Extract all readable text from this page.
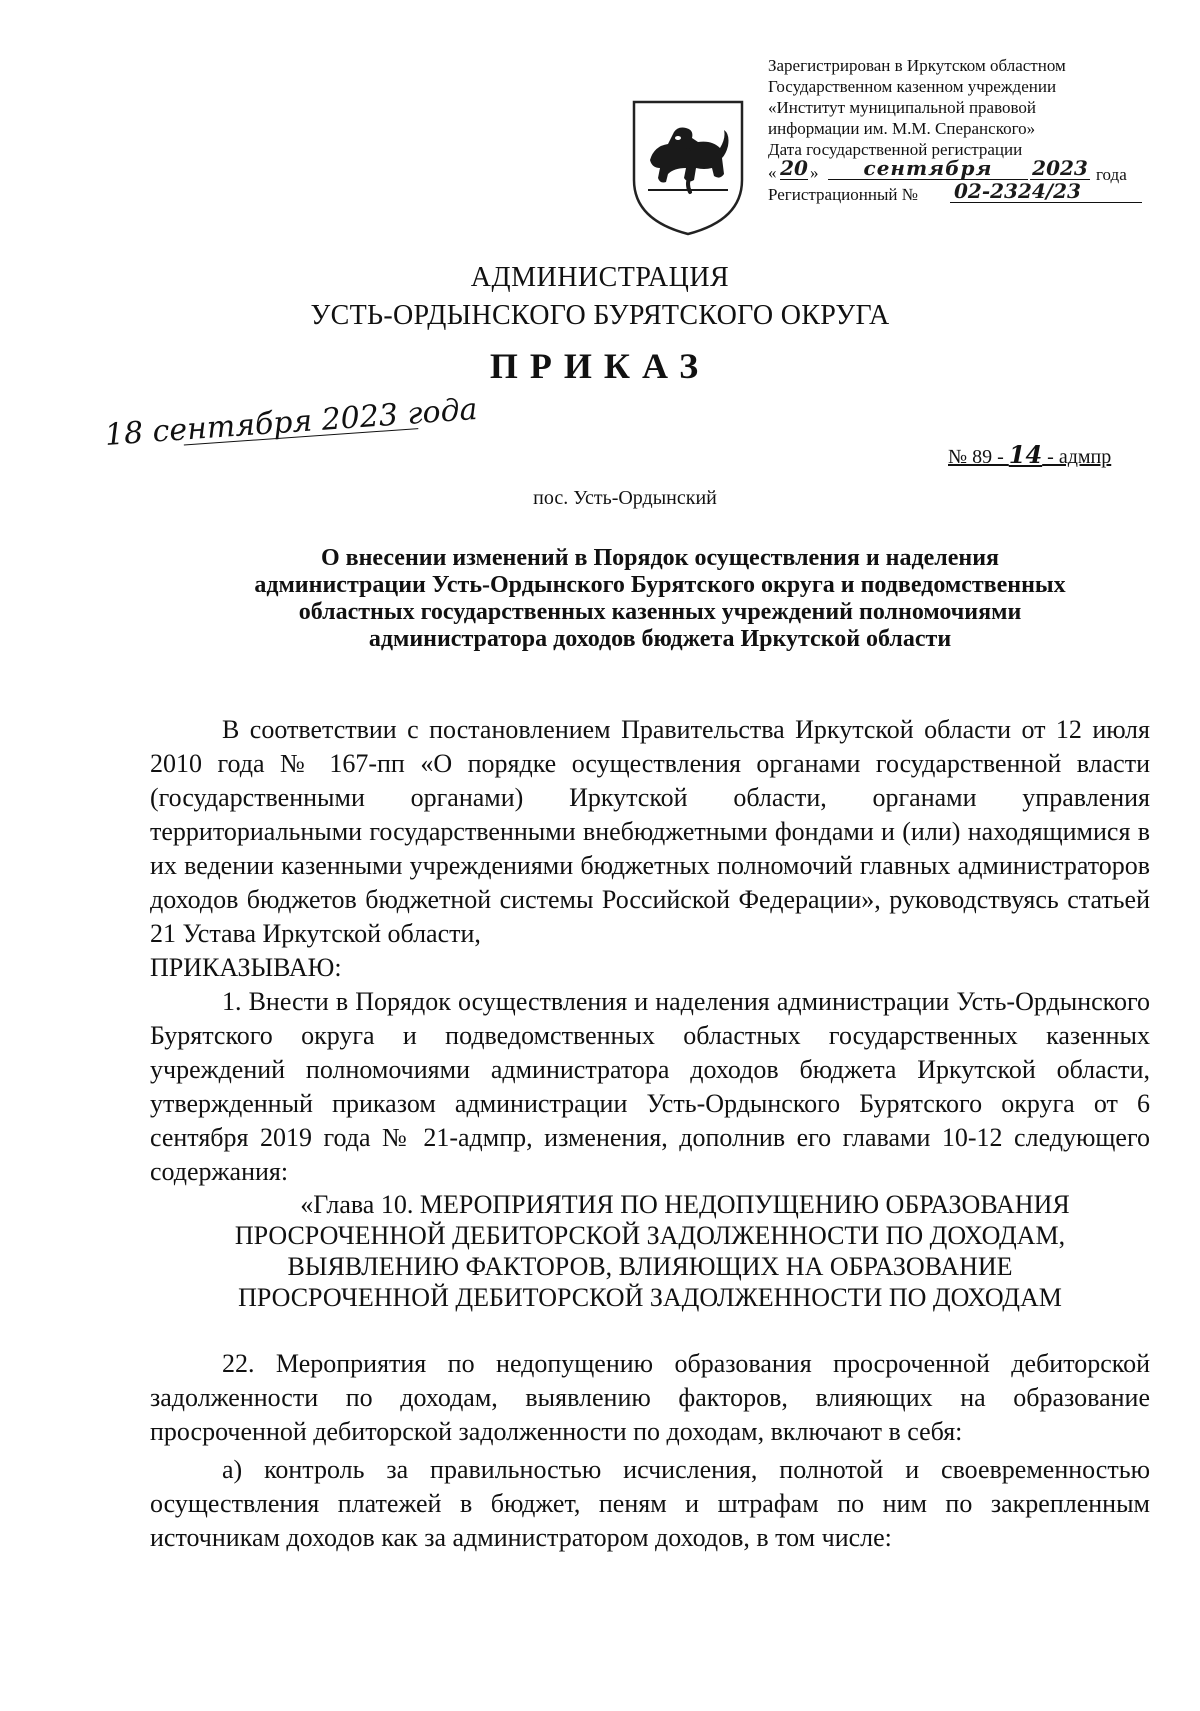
Зарегистрирован в Иркутском областном
Государственном казенном учреждении
«Институт муниципальной правовой
информации им. М.М. Сперанского»
Дата государственной регистрации
« 20 »	сентября	2023 года
Регистрационный № 02-2324/23
АДМИНИСТРАЦИЯ
УСТЬ-ОРДЫНСКОГО БУРЯТСКОГО ОКРУГА
ПРИКАЗ
18 сентября 2023 года
№ 89 - 14 - адмпр
пос. Усть-Ордынский
О внесении изменений в Порядок осуществления и наделения
администрации Усть-Ордынского Бурятского округа и подведомственных
областных государственных казенных учреждений полномочиями
администратора доходов бюджета Иркутской области

В соответствии с постановлением Правительства Иркутской области от 12 июля 2010 года № 167-пп «О порядке осуществления органами государственной власти (государственными органами) Иркутской области, органами управления территориальными государственными внебюджетными фондами и (или) находящимися в их ведении казенными учреждениями бюджетных полномочий главных администраторов доходов бюджетов бюджетной системы Российской Федерации», руководствуясь статьей 21 Устава Иркутской области,

ПРИКАЗЫВАЮ:

1. Внести в Порядок осуществления и наделения администрации Усть-Ордынского Бурятского округа и подведомственных областных государственных казенных учреждений полномочиями администратора доходов бюджета Иркутской области, утвержденный приказом администрации Усть-Ордынского Бурятского округа от 6 сентября 2019 года № 21-адмпр, изменения, дополнив его главами 10-12 следующего содержания:

«Глава 10. МЕРОПРИЯТИЯ ПО НЕДОПУЩЕНИЮ ОБРАЗОВАНИЯ
ПРОСРОЧЕННОЙ ДЕБИТОРСКОЙ ЗАДОЛЖЕННОСТИ ПО ДОХОДАМ,
ВЫЯВЛЕНИЮ ФАКТОРОВ, ВЛИЯЮЩИХ НА ОБРАЗОВАНИЕ
ПРОСРОЧЕННОЙ ДЕБИТОРСКОЙ ЗАДОЛЖЕННОСТИ ПО ДОХОДАМ

22. Мероприятия по недопущению образования просроченной дебиторской задолженности по доходам, выявлению факторов, влияющих на образование просроченной дебиторской задолженности по доходам, включают в себя:

а) контроль за правильностью исчисления, полнотой и своевременностью осуществления платежей в бюджет, пеням и штрафам по ним по закрепленным источникам доходов как за администратором доходов, в том числе:
